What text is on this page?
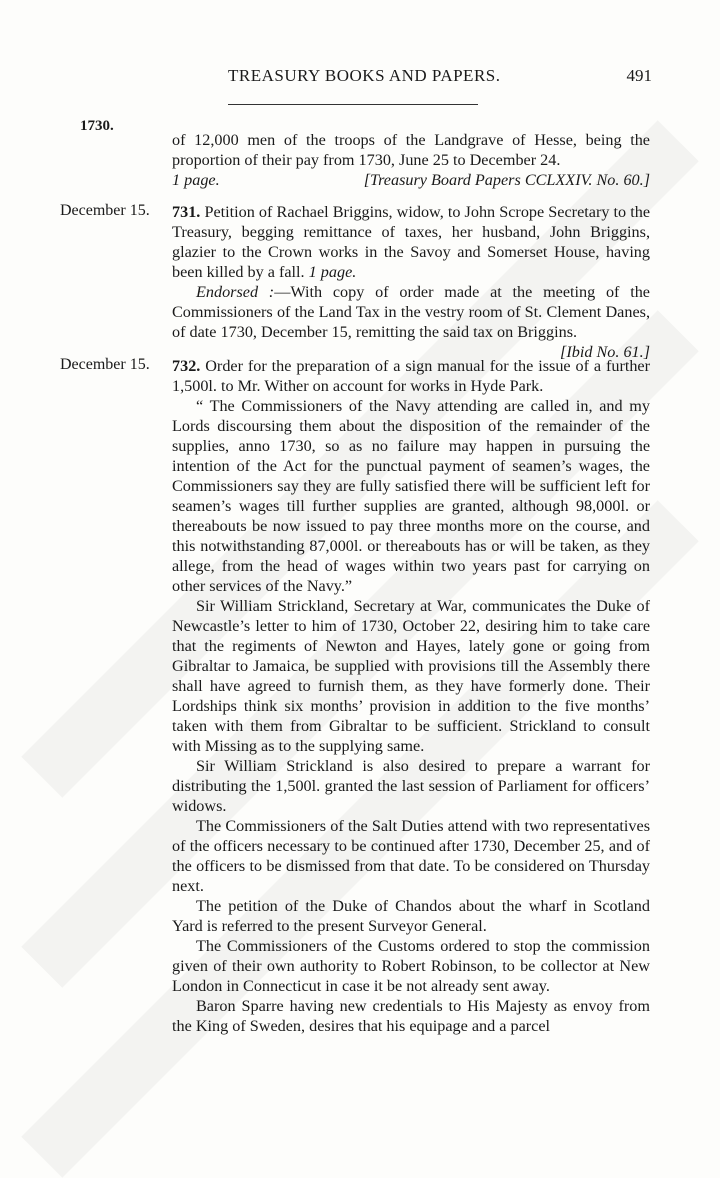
TREASURY BOOKS AND PAPERS.	491
1730.

of 12,000 men of the troops of the Landgrave of Hesse, being the proportion of their pay from 1730, June 25 to December 24.

1 page.	[Treasury Board Papers CCLXXIV. No. 60.]
December 15. 731. Petition of Rachael Briggins, widow, to John Scrope Secretary to the Treasury, begging remittance of taxes, her husband, John Briggins, glazier to the Crown works in the Savoy and Somerset House, having been killed by a fall. 1 page.

Endorsed :—With copy of order made at the meeting of the Commissioners of the Land Tax in the vestry room of St. Clement Danes, of date 1730, December 15, remitting the said tax on Briggins.

[Ibid No. 61.]
December 15. 732. Order for the preparation of a sign manual for the issue of a further 1,500l. to Mr. Wither on account for works in Hyde Park.

“ The Commissioners of the Navy attending are called in, and my Lords discoursing them about the disposition of the remainder of the supplies, anno 1730, so as no failure may happen in pursuing the intention of the Act for the punctual payment of seamen’s wages, the Commissioners say they are fully satisfied there will be sufficient left for seamen’s wages till further supplies are granted, although 98,000l. or thereabouts be now issued to pay three months more on the course, and this notwithstanding 87,000l. or thereabouts has or will be taken, as they allege, from the head of wages within two years past for carrying on other services of the Navy.”

Sir William Strickland, Secretary at War, communicates the Duke of Newcastle’s letter to him of 1730, October 22, desiring him to take care that the regiments of Newton and Hayes, lately gone or going from Gibraltar to Jamaica, be supplied with provisions till the Assembly there shall have agreed to furnish them, as they have formerly done. Their Lordships think six months’ provision in addition to the five months’ taken with them from Gibraltar to be sufficient. Strickland to consult with Missing as to the supplying same.

Sir William Strickland is also desired to prepare a warrant for distributing the 1,500l. granted the last session of Parliament for officers’ widows.

The Commissioners of the Salt Duties attend with two representatives of the officers necessary to be continued after 1730, December 25, and of the officers to be dismissed from that date. To be considered on Thursday next.

The petition of the Duke of Chandos about the wharf in Scotland Yard is referred to the present Surveyor General.

The Commissioners of the Customs ordered to stop the commission given of their own authority to Robert Robinson, to be collector at New London in Connecticut in case it be not already sent away.

Baron Sparre having new credentials to His Majesty as envoy from the King of Sweden, desires that his equipage and a parcel
